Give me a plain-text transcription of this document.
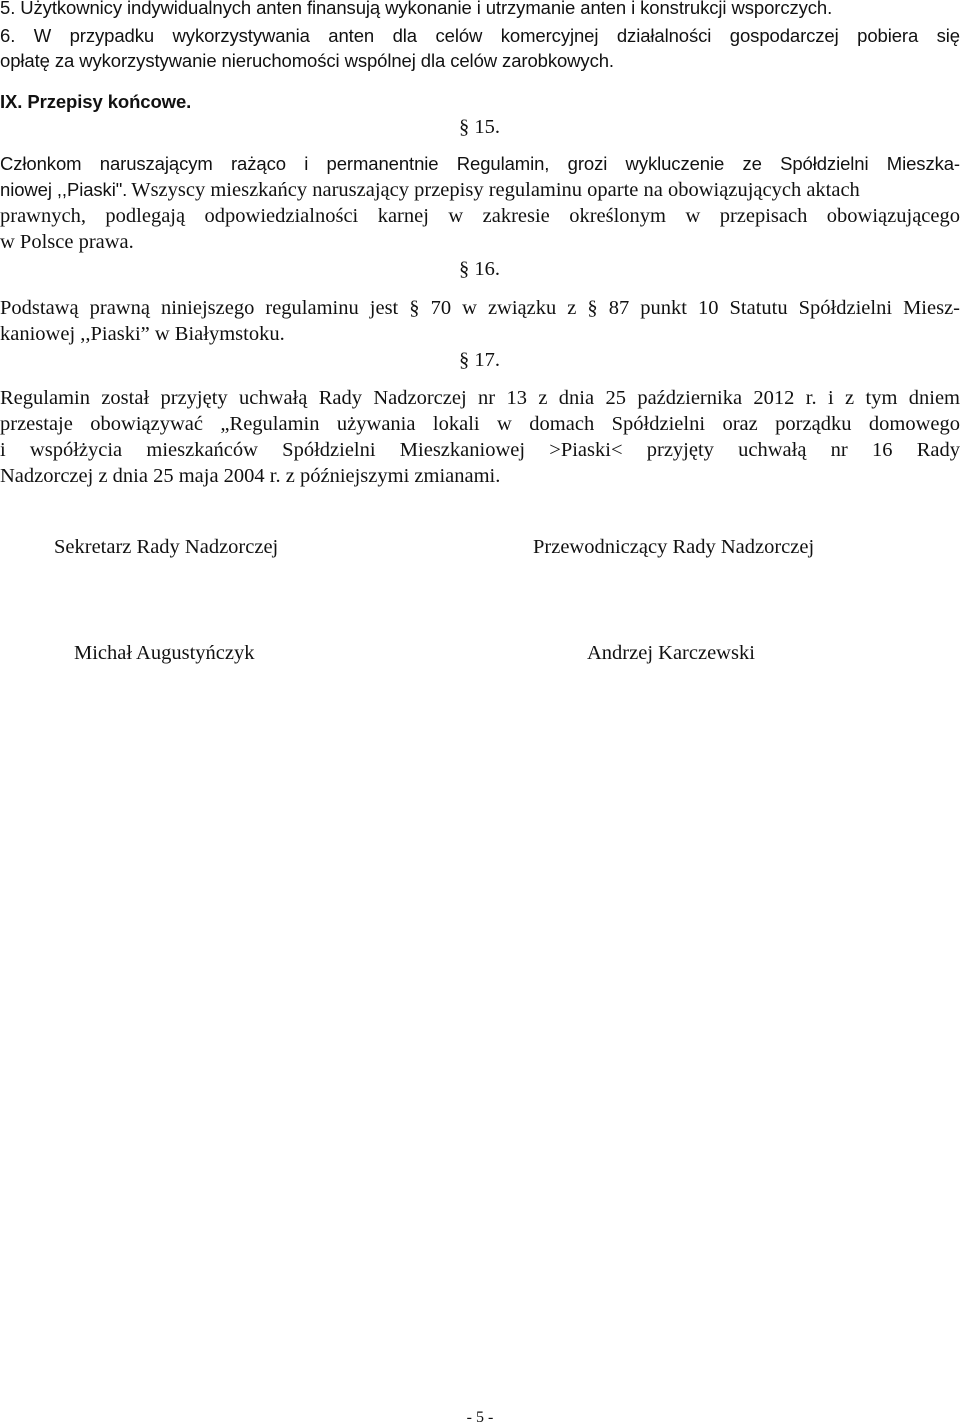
5. Użytkownicy indywidualnych anten finansują wykonanie i utrzymanie anten i konstrukcji wsporczych.
6. W przypadku wykorzystywania anten dla celów komercyjnej działalności gospodarczej pobiera się
opłatę za wykorzystywanie nieruchomości wspólnej dla celów zarobkowych.
IX. Przepisy końcowe.
§ 15.
Członkom naruszającym rażąco i permanentnie Regulamin, grozi wykluczenie ze Spółdzielni Mieszka-
niowej ,,Piaski". Wszyscy mieszkańcy naruszający przepisy regulaminu oparte na obowiązujących aktach
prawnych, podlegają odpowiedzialności karnej w zakresie określonym w przepisach obowiązującego
w Polsce prawa.
§ 16.
Podstawą prawną niniejszego regulaminu jest § 70 w związku z § 87 punkt 10 Statutu Spółdzielni Miesz-
kaniowej ,,Piaski” w Białymstoku.
§ 17.
Regulamin został przyjęty uchwałą Rady Nadzorczej nr 13 z dnia 25 października 2012 r. i z tym dniem
przestaje obowiązywać „Regulamin używania lokali w domach Spółdzielni oraz porządku domowego
i współżycia mieszkańców Spółdzielni Mieszkaniowej >Piaski< przyjęty uchwałą nr 16 Rady
Nadzorczej z dnia 25 maja 2004 r. z późniejszymi zmianami.
Sekretarz Rady Nadzorczej	Przewodniczący Rady Nadzorczej
Michał Augustyńczyk	Andrzej Karczewski
- 5 -
